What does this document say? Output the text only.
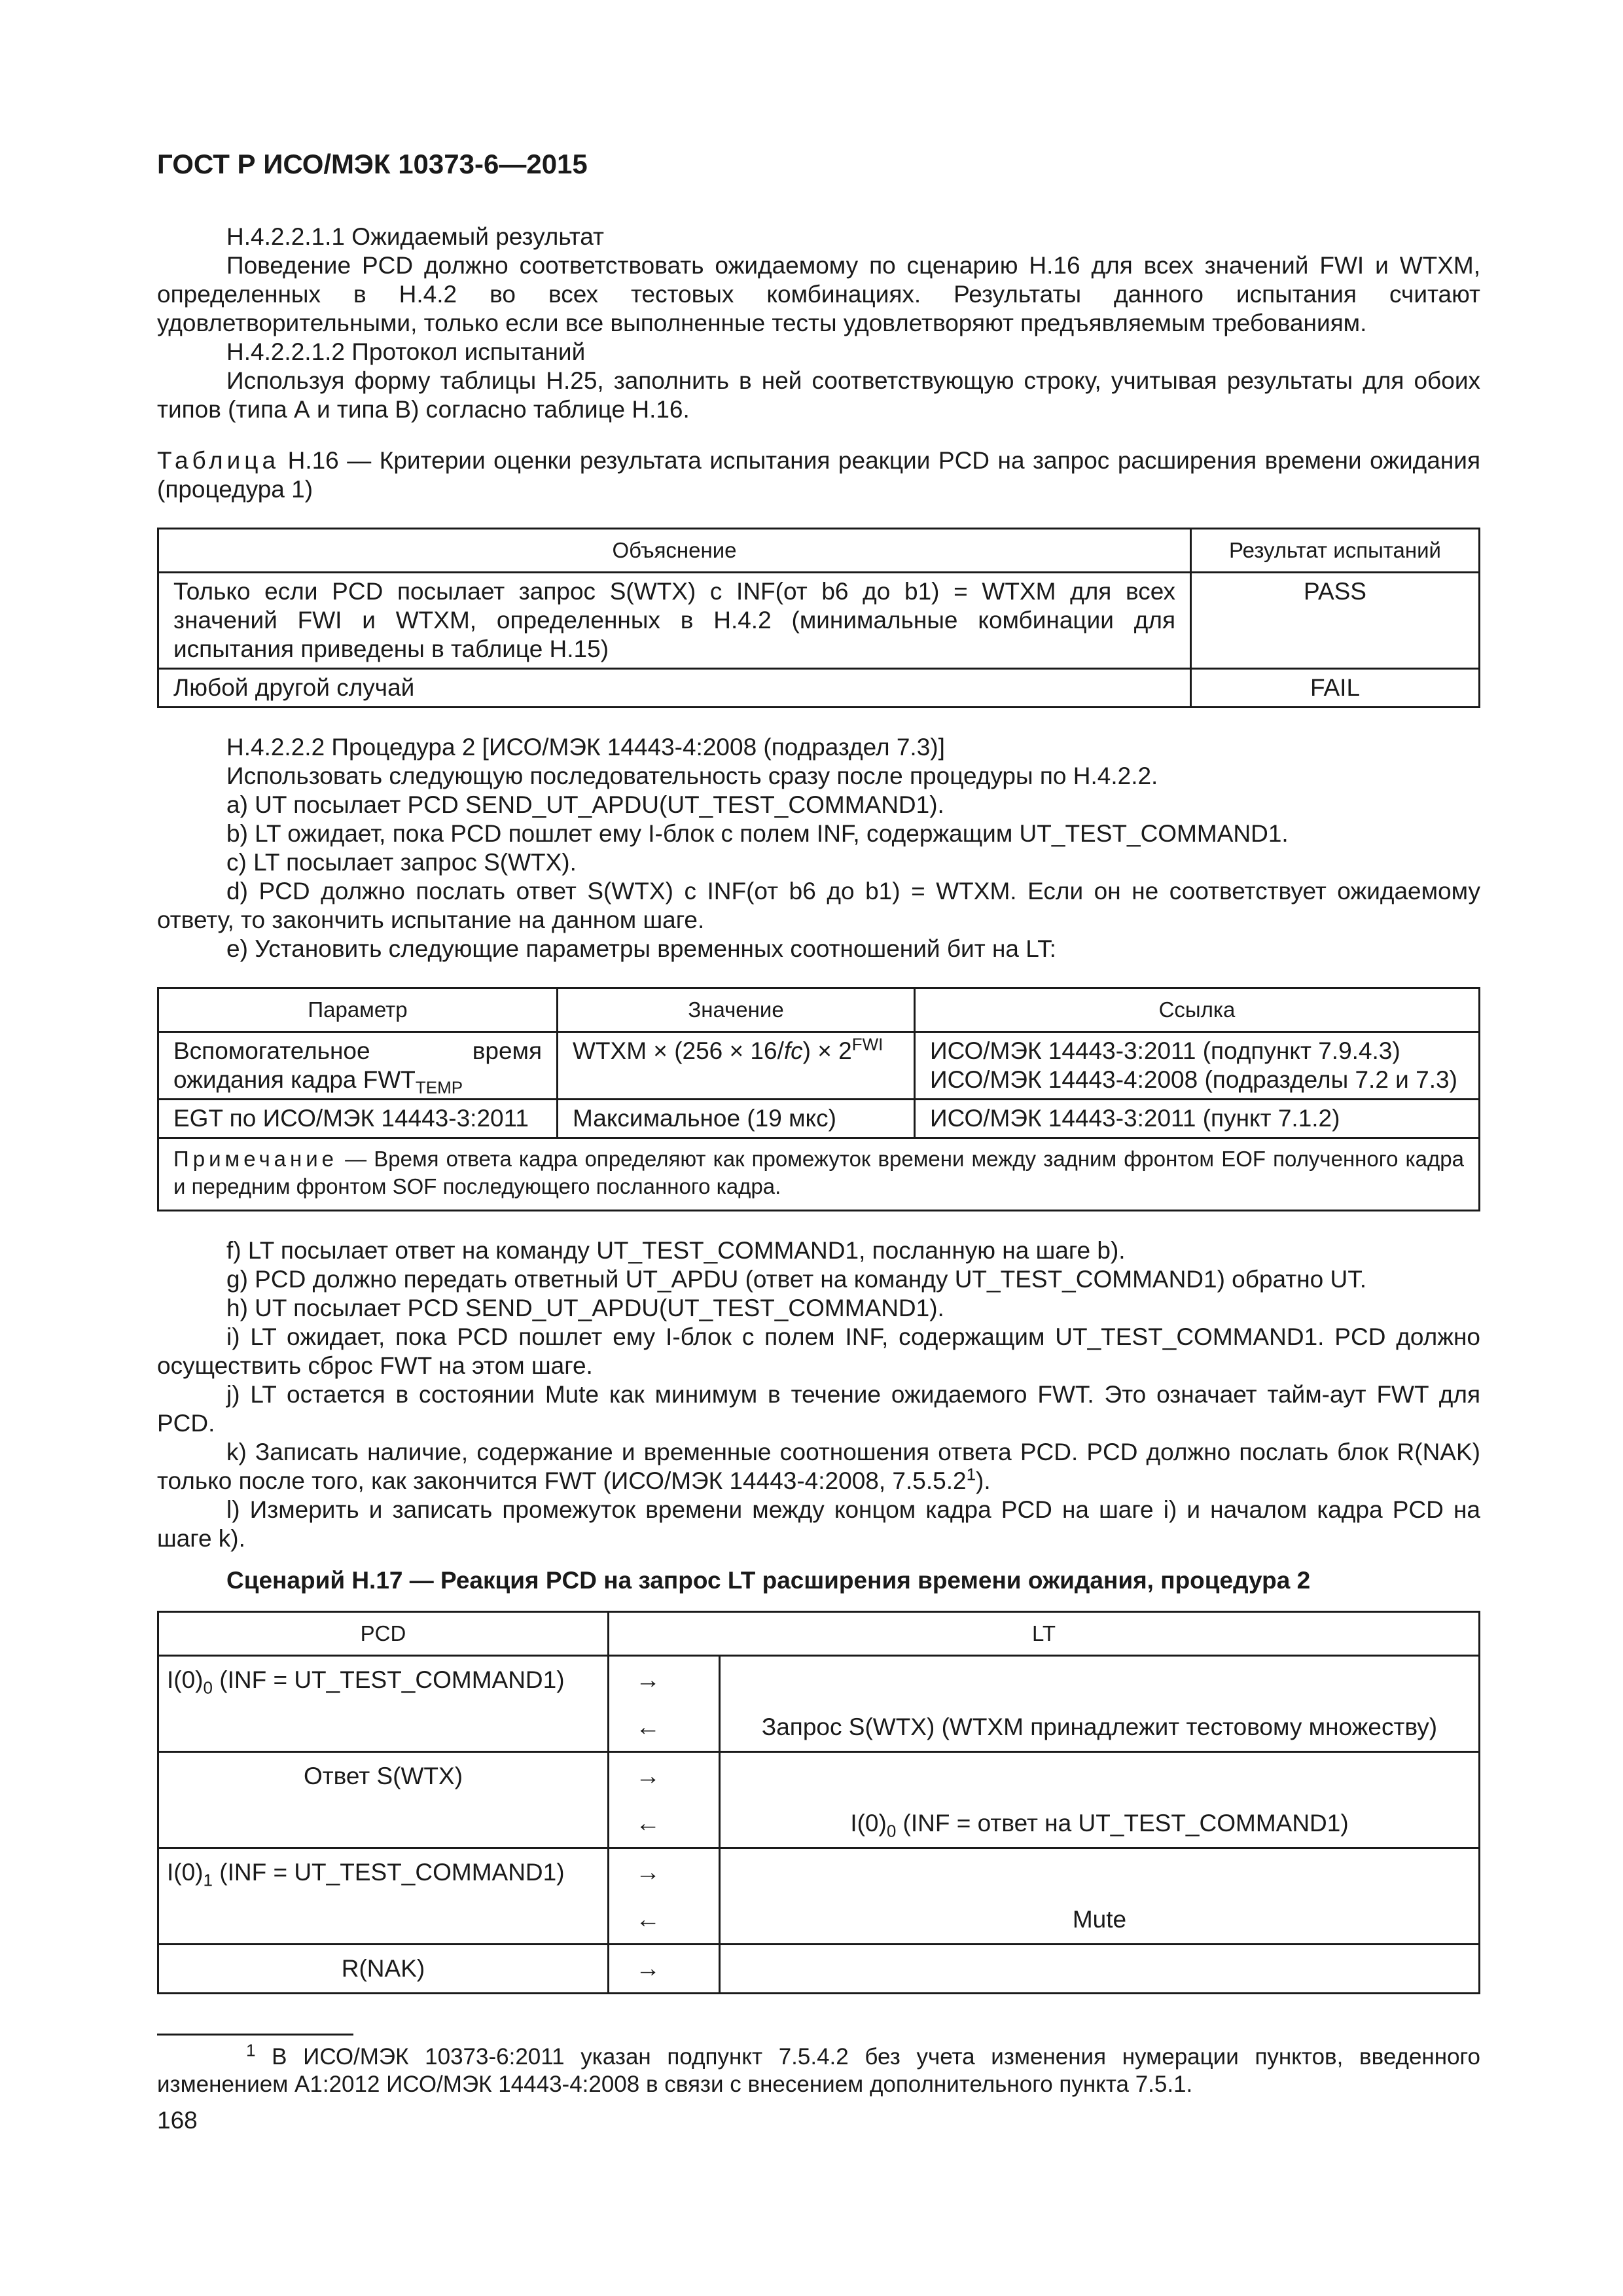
ГОСТ Р ИСО/МЭК 10373-6—2015

H.4.2.2.1.1 Ожидаемый результат

Поведение PCD должно соответствовать ожидаемому по сценарию H.16 для всех значений FWI и WTXM, определенных в H.4.2 во всех тестовых комбинациях. Результаты данного испытания считают удовлетворительными, только если все выполненные тесты удовлетворяют предъявляемым требованиям.

H.4.2.2.1.2 Протокол испытаний

Используя форму таблицы H.25, заполнить в ней соответствующую строку, учитывая результаты для обоих типов (типа А и типа В) согласно таблице H.16.

Таблица H.16 — Критерии оценки результата испытания реакции PCD на запрос расширения времени ожидания (процедура 1)

Объяснение	Результат испытаний
Только если PCD посылает запрос S(WTX) с INF(от b6 до b1) = WTXM для всех значений FWI и WTXM, определенных в H.4.2 (минимальные комбинации для испытания приведены в таблице H.15)	PASS
Любой другой случай	FAIL

H.4.2.2.2 Процедура 2 [ИСО/МЭК 14443-4:2008 (подраздел 7.3)]

Использовать следующую последовательность сразу после процедуры по H.4.2.2.

a) UT посылает PCD SEND_UT_APDU(UT_TEST_COMMAND1).

b) LT ожидает, пока PCD пошлет ему I-блок с полем INF, содержащим UT_TEST_COMMAND1.

c) LT посылает запрос S(WTX).

d) PCD должно послать ответ S(WTX) с INF(от b6 до b1) = WTXM. Если он не соответствует ожидаемому ответу, то закончить испытание на данном шаге.

e) Установить следующие параметры временных соотношений бит на LT:

Параметр	Значение	Ссылка
Вспомогательное время ожидания кадра $FWT_{TEMP}$	WTXM × $(256 \times 16/fc) \times 2^{FWI}$	ИСО/МЭК 14443-3:2011 (подпункт 7.9.4.3)
ИСО/МЭК 14443-4:2008 (подразделы 7.2 и 7.3)

EGT по ИСО/МЭК 14443-3:2011	Максимальное (19 мкс)	ИСО/МЭК 14443-3:2011 (пункт 7.1.2)
Примечание — Время ответа кадра определяют как промежуток времени между задним фронтом EOF полученного кадра и передним фронтом SOF последующего посланного кадра.		

f) LT посылает ответ на команду UT_TEST_COMMAND1, посланную на шаге b).

g) PCD должно передать ответный UT_APDU (ответ на команду UT_TEST_COMMAND1) обратно UT.

h) UT посылает PCD SEND_UT_APDU(UT_TEST_COMMAND1).

i) LT ожидает, пока PCD пошлет ему I-блок с полем INF, содержащим UT_TEST_COMMAND1. PCD должно осуществить сброс FWT на этом шаге.

j) LT остается в состоянии Mute как минимум в течение ожидаемого FWT. Это означает тайм-аут FWT для PCD.

k) Записать наличие, содержание и временные соотношения ответа PCD. PCD должно послать блок R(NAK) только после того, как закончится FWT (ИСО/МЭК 14443-4:2008, 7.5.5.2$^1$).

l) Измерить и записать промежуток времени между концом кадра PCD на шаге i) и началом кадра PCD на шаге k).

Сценарий H.17 — Реакция PCD на запрос LT расширения времени ожидания, процедура 2
PCD	LT	
$I(0)_0$ (INF = UT_TEST_COMMAND1)	→	
	←	Запрос S(WTX) (WTXM принадлежит тестовому множеству)
Ответ S(WTX)	→	
	←	$I(0)_0$ (INF = ответ на UT_TEST_COMMAND1)
$I(0)_1$ (INF = UT_TEST_COMMAND1)	→	
	←	Mute
R(NAK)	→	

$^1$ В ИСО/МЭК 10373-6:2011 указан подпункт 7.5.4.2 без учета изменения нумерации пунктов, введенного изменением А1:2012 ИСО/МЭК 14443-4:2008 в связи с внесением дополнительного пункта 7.5.1.

168
